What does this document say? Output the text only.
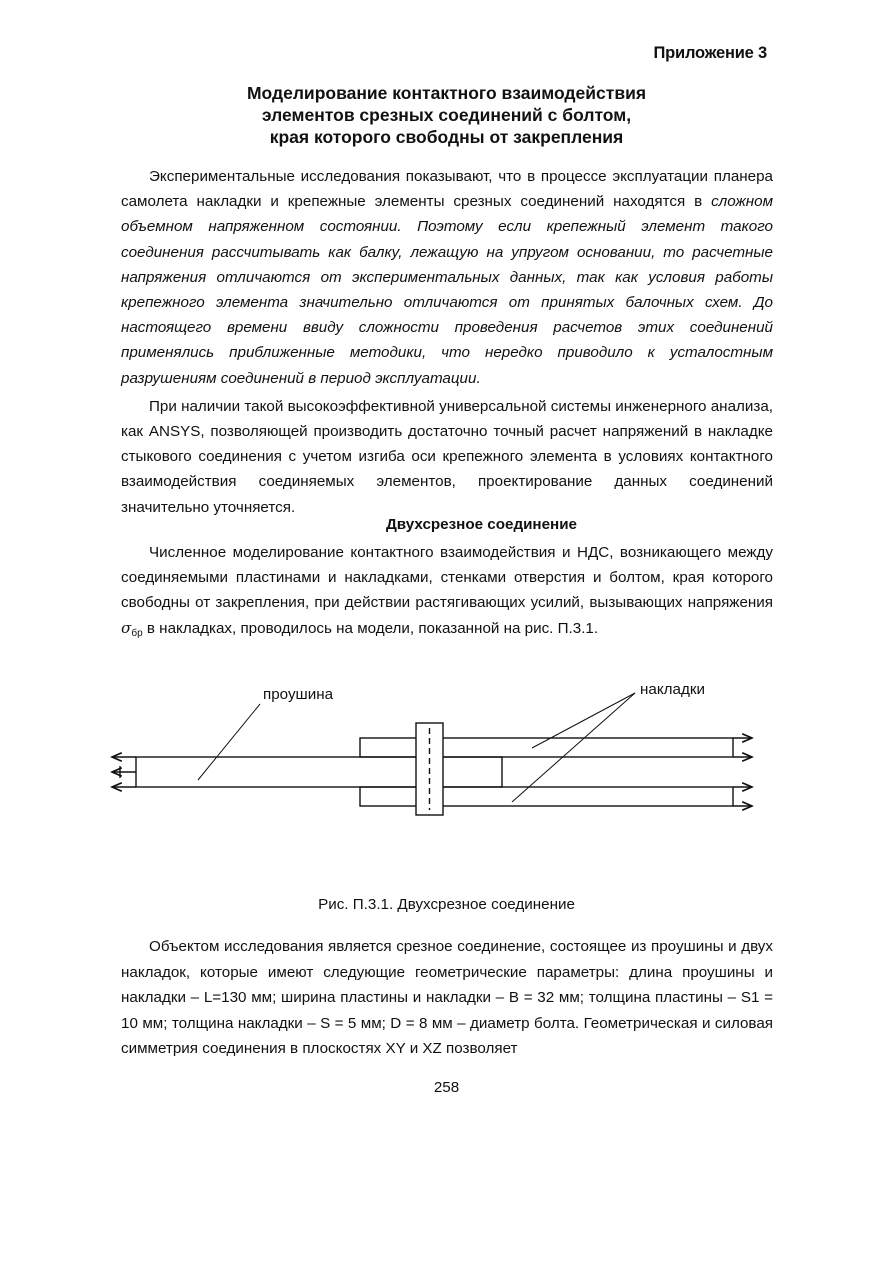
Приложение 3
Моделирование контактного взаимодействия
элементов срезных соединений с болтом,
края которого свободны от закрепления

Экспериментальные исследования показывают, что в процессе эксплуатации планера самолета накладки и крепежные элементы срезных соединений находятся в сложном объемном напряженном состоянии. Поэтому если крепежный элемент такого соединения рассчитывать как балку, лежащую на упругом основании, то расчетные напряжения отличаются от экспериментальных данных, так как условия работы крепежного элемента значительно отличаются от принятых балочных схем. До настоящего времени ввиду сложности проведения расчетов этих соединений применялись приближенные методики, что нередко приводило к усталостным разрушениям соединений в период эксплуатации.

При наличии такой высокоэффективной универсальной системы инженерного анализа, как ANSYS, позволяющей производить достаточно точный расчет напряжений в накладке стыкового соединения с учетом изгиба оси крепежного элемента в условиях контактного взаимодействия соединяемых элементов, проектирование данных соединений значительно уточняется.

Двухсрезное соединение

Численное моделирование контактного взаимодействия и НДС, возникающего между соединяемыми пластинами и накладками, стенками отверстия и болтом, края которого свободны от закрепления, при действии растягивающих усилий, вызывающих напряжения $\sigma_{бр}$ в накладках, проводилось на модели, показанной на рис. П.3.1.

проушина	накладки
Рис. П.3.1. Двухсрезное соединение

Объектом исследования является срезное соединение, состоящее из проушины и двух накладок, которые имеют следующие геометрические параметры: длина проушины и накладки – L=130 мм; ширина пластины и накладки – B = 32 мм; толщина пластины – S1 = 10 мм; толщина накладки – S = 5 мм; D = 8 мм – диаметр болта. Геометрическая и силовая симметрия соединения в плоскостях XY и XZ позволяет

258
